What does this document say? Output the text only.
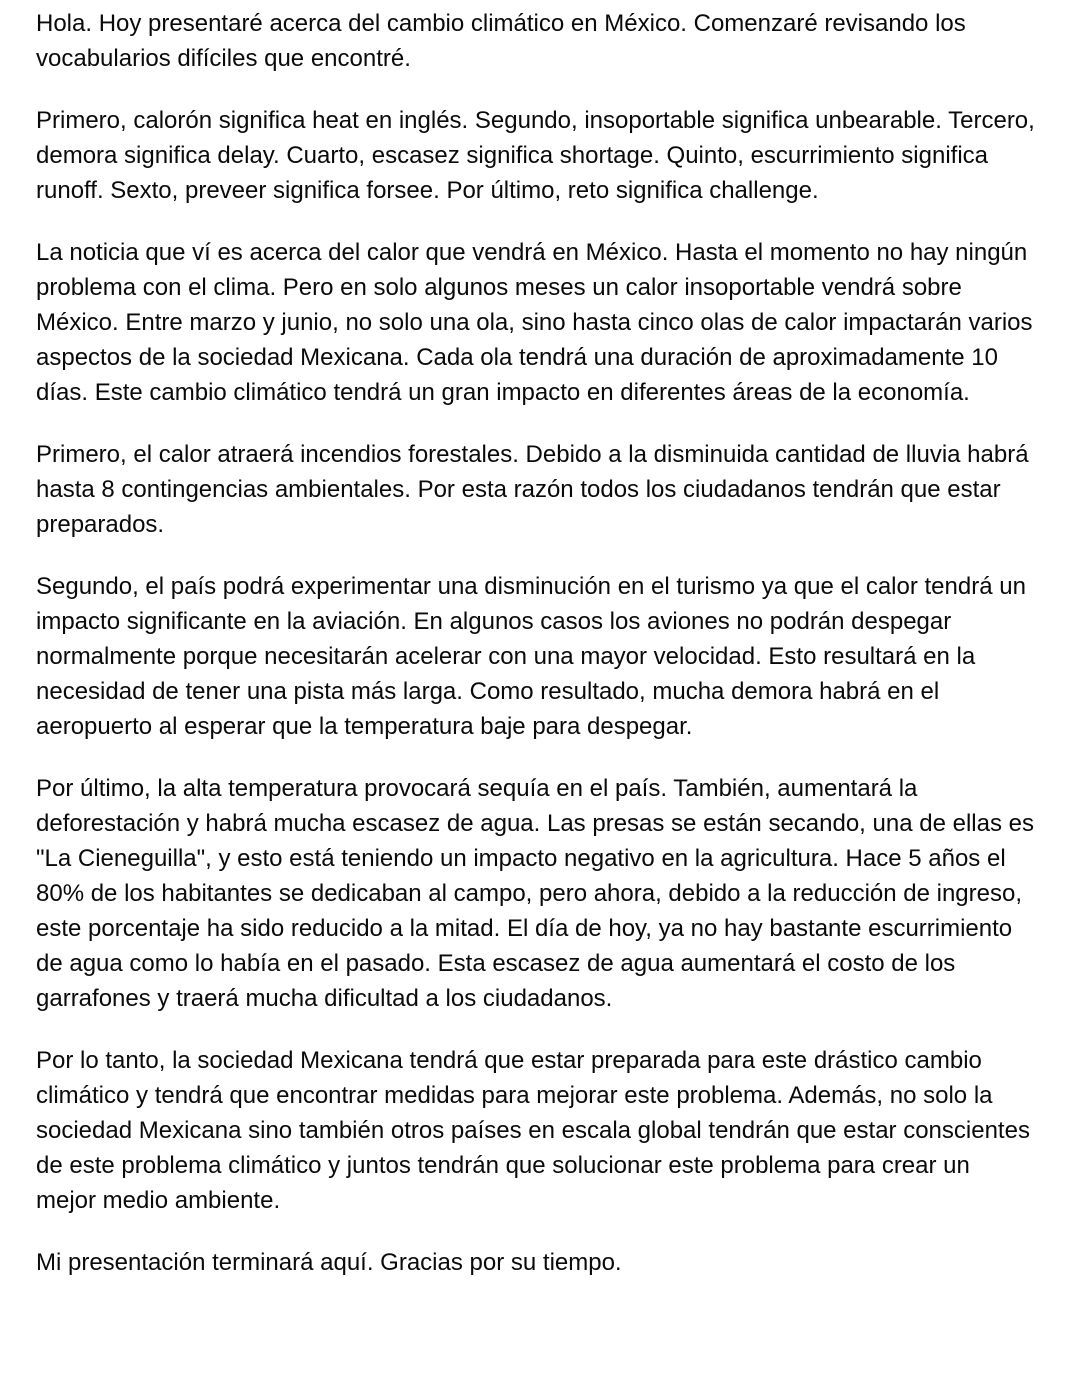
Hola. Hoy presentaré acerca del cambio climático en México. Comenzaré revisando los vocabularios difíciles que encontré.

Primero, calorón significa heat en inglés. Segundo, insoportable significa unbearable. Tercero, demora significa delay. Cuarto, escasez significa shortage. Quinto, escurrimiento significa runoff. Sexto, preveer significa forsee. Por último, reto significa challenge.

La noticia que ví es acerca del calor que vendrá en México. Hasta el momento no hay ningún problema con el clima. Pero en solo algunos meses un calor insoportable vendrá sobre México. Entre marzo y junio, no solo una ola, sino hasta cinco olas de calor impactarán varios aspectos de la sociedad Mexicana. Cada ola tendrá una duración de aproximadamente 10 días. Este cambio climático tendrá un gran impacto en diferentes áreas de la economía.

Primero, el calor atraerá incendios forestales. Debido a la disminuida cantidad de lluvia habrá hasta 8 contingencias ambientales. Por esta razón todos los ciudadanos tendrán que estar preparados.

Segundo, el país podrá experimentar una disminución en el turismo ya que el calor tendrá un impacto significante en la aviación. En algunos casos los aviones no podrán despegar normalmente porque necesitarán acelerar con una mayor velocidad. Esto resultará en la necesidad de tener una pista más larga. Como resultado, mucha demora habrá en el aeropuerto al esperar que la temperatura baje para despegar.

Por último, la alta temperatura provocará sequía en el país. También, aumentará la deforestación y habrá mucha escasez de agua. Las presas se están secando, una de ellas es "La Cieneguilla", y esto está teniendo un impacto negativo en la agricultura. Hace 5 años el 80% de los habitantes se dedicaban al campo, pero ahora, debido a la reducción de ingreso, este porcentaje ha sido reducido a la mitad. El día de hoy, ya no hay bastante escurrimiento de agua como lo había en el pasado. Esta escasez de agua aumentará el costo de los garrafones y traerá mucha dificultad a los ciudadanos.

Por lo tanto, la sociedad Mexicana tendrá que estar preparada para este drástico cambio climático y tendrá que encontrar medidas para mejorar este problema. Además, no solo la sociedad Mexicana sino también otros países en escala global tendrán que estar conscientes de este problema climático y juntos tendrán que solucionar este problema para crear un mejor medio ambiente.

Mi presentación terminará aquí. Gracias por su tiempo.
